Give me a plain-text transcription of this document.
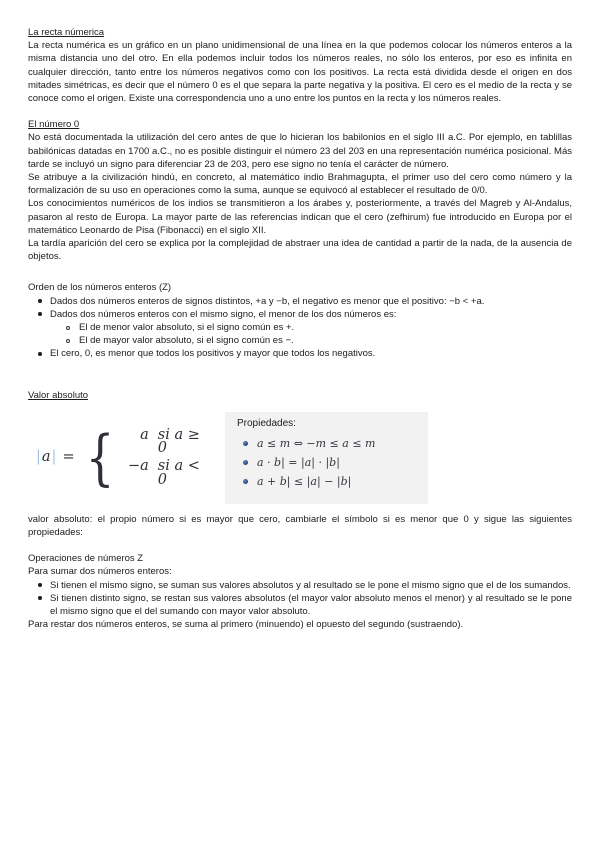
La recta númerica

La recta numérica es un gráfico en un plano unidimensional de una línea en la que podemos colocar los números enteros a la misma distancia uno del otro. En ella podemos incluir todos los números reales, no sólo los enteros, por eso es infinita en cualquier dirección, tanto entre los números negativos como con los positivos. La recta está dividida desde el origen en dos mitades simétricas, es decir que el número 0 es el que separa la parte negativa y la positiva. El cero es el medio de la recta y se conoce como el origen. Existe una correspondencia uno a uno entre los puntos en la recta y los números reales.

El número 0

No está documentada la utilización del cero antes de que lo hicieran los babilonios en el siglo III a.C. Por ejemplo, en tablillas babilónicas datadas en 1700 a.C., no es posible distinguir el número 23 del 203 en una representación numérica posicional. Más tarde se incluyó un signo para diferenciar 23 de 203, pero ese signo no tenía el carácter de número.

Se atribuye a la civilización hindú, en concreto, al matemático indio Brahmagupta, el primer uso del cero como número y la formalización de su uso en operaciones como la suma, aunque se equivocó al establecer el resultado de 0/0.

Los conocimientos numéricos de los indios se transmitieron a los árabes y, posteriormente, a través del Magreb y Al-Andalus, pasaron al resto de Europa. La mayor parte de las referencias indican que el cero (zefhirum) fue introducido en Europa por el matemático Leonardo de Pisa (Fibonacci) en el siglo XII.

La tardía aparición del cero se explica por la complejidad de abstraer una idea de cantidad a partir de la nada, de la ausencia de objetos.

Orden de los números enteros (Z)
Dados dos números enteros de signos distintos, +a y −b, el negativo es menor que el positivo: −b < +a.
Dados dos números enteros con el mismo signo, el menor de los dos números es:
El de menor valor absoluto, si el signo común es +.
El de mayor valor absoluto, si el signo común es −.
El cero, 0, es menor que todos los positivos y mayor que todos los negativos.
Valor absoluto
| a | = {	a si a ≥ 0
−a si a < 0
Propiedades:
a ≤ m ⇔ −m ≤ a ≤ m
a · b| = |a| · |b|
a + b| ≤ |a| − |b|

valor absoluto: el propio número si es mayor que cero, cambiarle el símbolo si es menor que 0 y sigue las siguientes propiedades:

Operaciones de números Z

Para sumar dos números enteros:

Si tienen el mismo signo, se suman sus valores absolutos y al resultado se le pone el mismo signo que el de los sumandos.
Si tienen distinto signo, se restan sus valores absolutos (el mayor valor absoluto menos el menor) y al resultado se le pone el mismo signo que el del sumando con mayor valor absoluto.

Para restar dos números enteros, se suma al primero (minuendo) el opuesto del segundo (sustraendo).
